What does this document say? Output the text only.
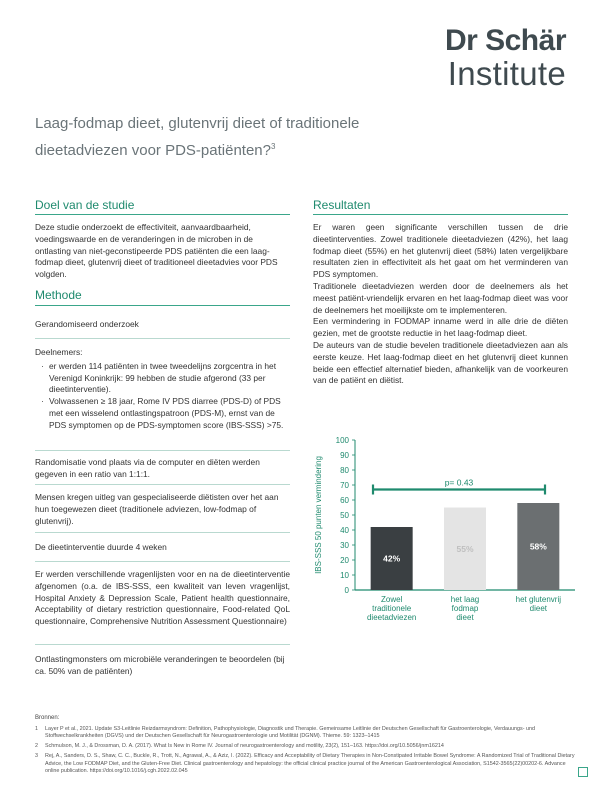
Dr Schär
Institute
Laag-fodmap dieet, glutenvrij dieet of traditionele dieetadviezen voor PDS-patiënten?$^3$
Doel van de studie
Deze studie onderzoekt de effectiviteit, aanvaardbaarheid, voedingswaarde en de veranderingen in de microben in de ontlasting van niet-geconstipeerde PDS patiënten die een laag-fodmap dieet, glutenvrij dieet of traditioneel dieetadvies voor PDS volgden.
Methode
Gerandomiseerd onderzoek
Deelnemers:
· er werden 114 patiënten in twee tweedelijns zorgcentra in het Verenigd Koninkrijk: 99 hebben de studie afgerond (33 per dieetinterventie).
· Volwassenen ≥ 18 jaar, Rome IV PDS diarree (PDS-D) of PDS met een wisselend ontlastingspatroon (PDS-M), ernst van de PDS symptomen op de PDS-symptomen score (IBS-SSS) >75.
Randomisatie vond plaats via de computer en diëten werden gegeven in een ratio van 1:1:1.
Mensen kregen uitleg van gespecialiseerde diëtisten over het aan hun toegewezen dieet (traditionele adviezen, low-fodmap of glutenvrij).
De dieetinterventie duurde 4 weken
Er werden verschillende vragenlijsten voor en na de dieetinterventie afgenomen (o.a. de IBS-SSS, een kwaliteit van leven vragenlijst, Hospital Anxiety & Depression Scale, Patient health questionnaire, Acceptability of dietary restriction questionnaire, Food-related QoL questionnaire, Comprehensive Nutrition Assessment Questionnaire)
Ontlastingmonsters om microbiële veranderingen te beoordelen (bij ca. 50% van de patiënten)
Resultaten
Er waren geen significante verschillen tussen de drie dieetinterventies. Zowel traditionele dieetadviezen (42%), het laag fodmap dieet (55%) en het glutenvrij dieet (58%) laten vergelijkbare resultaten zien in effectiviteit als het gaat om het verminderen van PDS symptomen.
Traditionele dieetadviezen werden door de deelnemers als het meest patiënt-vriendelijk ervaren en het laag-fodmap dieet was voor de deelnemers het moeilijkste om te implementeren.
Een vermindering in FODMAP inname werd in alle drie de diëten gezien, met de grootste reductie in het laag-fodmap dieet.
De auteurs van de studie bevelen traditionele dieetadviezen aan als eerste keuze. Het laag-fodmap dieet en het glutenvrij dieet kunnen beide een effectief alternatief bieden, afhankelijk van de voorkeuren van de patiënt en diëtist.
0
10
20
30
40
50
60
70
80
90
100
IBS-SSS 50 punten vermindering	42%
Zowel
traditionele
dieetadviezen
55%
het laag
fodmap
dieet
58%
het glutenvrij
dieet
p= 0.43
Bronnen:
1	Layer P et al., 2021. Update S3-Leitlinie Reizdarmsyndrom: Definition, Pathophysiologie, Diagnostik und Therapie. Gemeinsame Leitlinie der Deutschen Gesellschaft für Gastroenterologie, Verdauungs- und Stoffwechselkrankheiten (DGVS) und der Deutschen Gesellschaft für Neurogastroenterologie und Motilität (DGNM). Thieme. 59: 1323–1415
2	Schmulson, M. J., & Drossman, D. A. (2017). What Is New in Rome IV. Journal of neurogastroenterology and motility, 23(2), 151–163. https://doi.org/10.5056/jnm16214
3	Rej, A., Sanders, D. S., Shaw, C. C., Buckle, R., Trott, N., Agrawal, A., & Aziz, I. (2022). Efficacy and Acceptability of Dietary Therapies in Non-Constipated Irritable Bowel Syndrome: A Randomized Trial of Traditional Dietary Advice, the Low FODMAP Diet, and the Gluten-Free Diet. Clinical gastroenterology and hepatology: the official clinical practice journal of the American Gastroenterological Association, S1542-3565(22)00202-6. Advance online publication. https://doi.org/10.1016/j.cgh.2022.02.045
